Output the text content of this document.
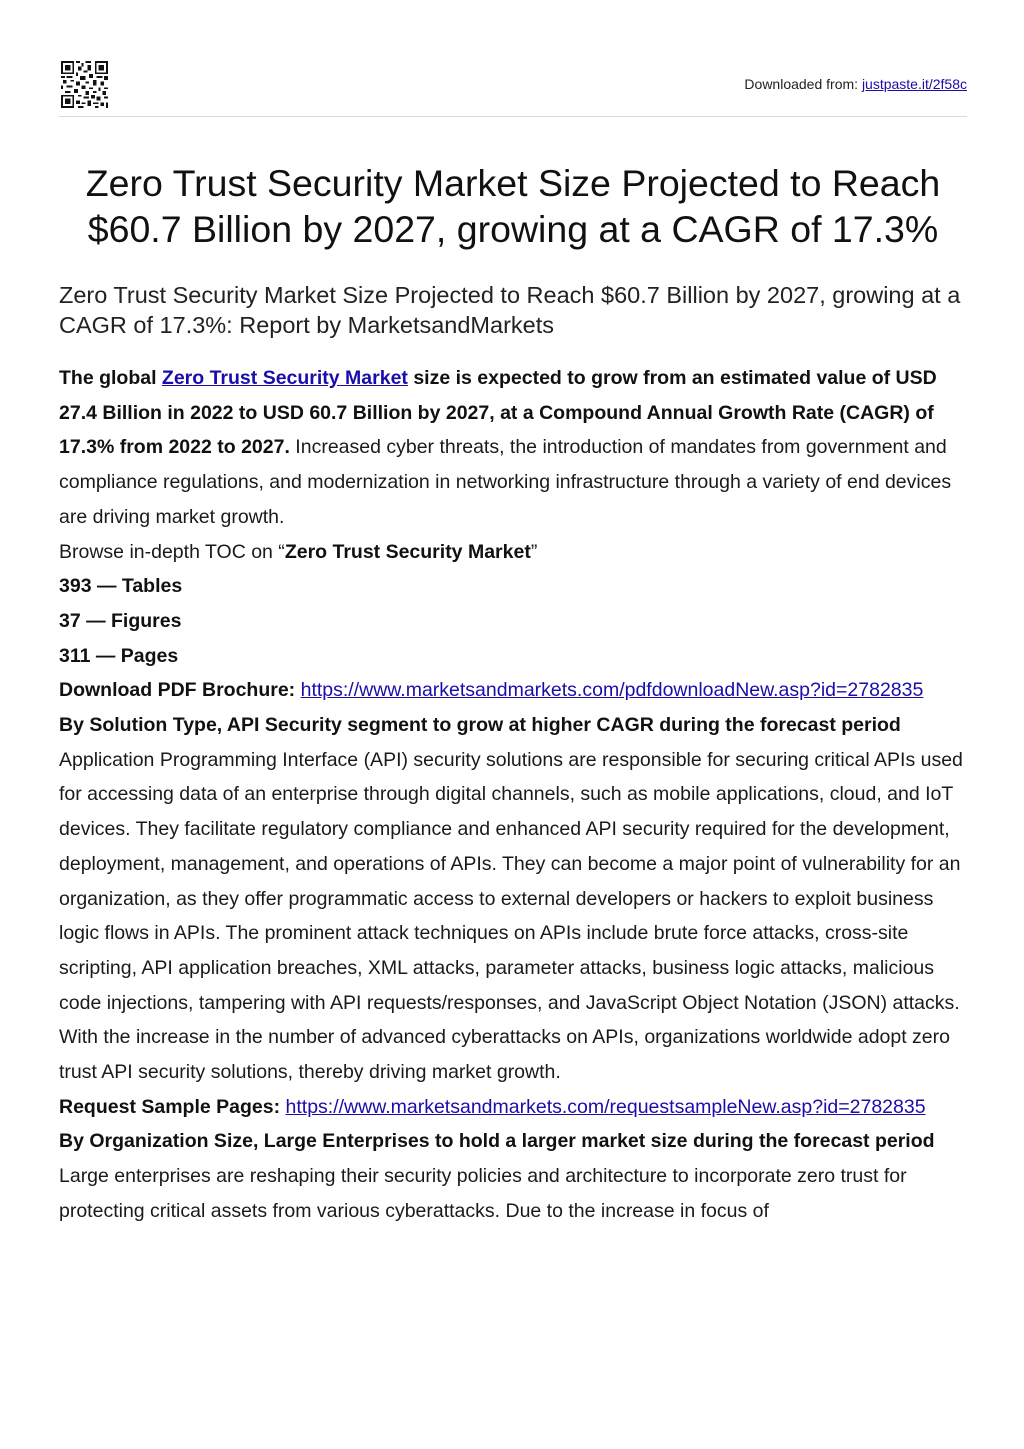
Downloaded from: justpaste.it/2f58c
Zero Trust Security Market Size Projected to Reach $60.7 Billion by 2027, growing at a CAGR of 17.3%
Zero Trust Security Market Size Projected to Reach $60.7 Billion by 2027, growing at a CAGR of 17.3%: Report by MarketsandMarkets

The global Zero Trust Security Market size is expected to grow from an estimated value of USD 27.4 Billion in 2022 to USD 60.7 Billion by 2027, at a Compound Annual Growth Rate (CAGR) of 17.3% from 2022 to 2027. Increased cyber threats, the introduction of mandates from government and compliance regulations, and modernization in networking infrastructure through a variety of end devices are driving market growth.

Browse in-depth TOC on “Zero Trust Security Market”

393 — Tables

37 — Figures

311 — Pages

Download PDF Brochure: https://www.marketsandmarkets.com/pdfdownloadNew.asp?id=2782835

By Solution Type, API Security segment to grow at higher CAGR during the forecast period

Application Programming Interface (API) security solutions are responsible for securing critical APIs used for accessing data of an enterprise through digital channels, such as mobile applications, cloud, and IoT devices. They facilitate regulatory compliance and enhanced API security required for the development, deployment, management, and operations of APIs. They can become a major point of vulnerability for an organization, as they offer programmatic access to external developers or hackers to exploit business logic flows in APIs. The prominent attack techniques on APIs include brute force attacks, cross-site scripting, API application breaches, XML attacks, parameter attacks, business logic attacks, malicious code injections, tampering with API requests/responses, and JavaScript Object Notation (JSON) attacks. With the increase in the number of advanced cyberattacks on APIs, organizations worldwide adopt zero trust API security solutions, thereby driving market growth.

Request Sample Pages: https://www.marketsandmarkets.com/requestsampleNew.asp?id=2782835

By Organization Size, Large Enterprises to hold a larger market size during the forecast period

Large enterprises are reshaping their security policies and architecture to incorporate zero trust for protecting critical assets from various cyberattacks. Due to the increase in focus of
